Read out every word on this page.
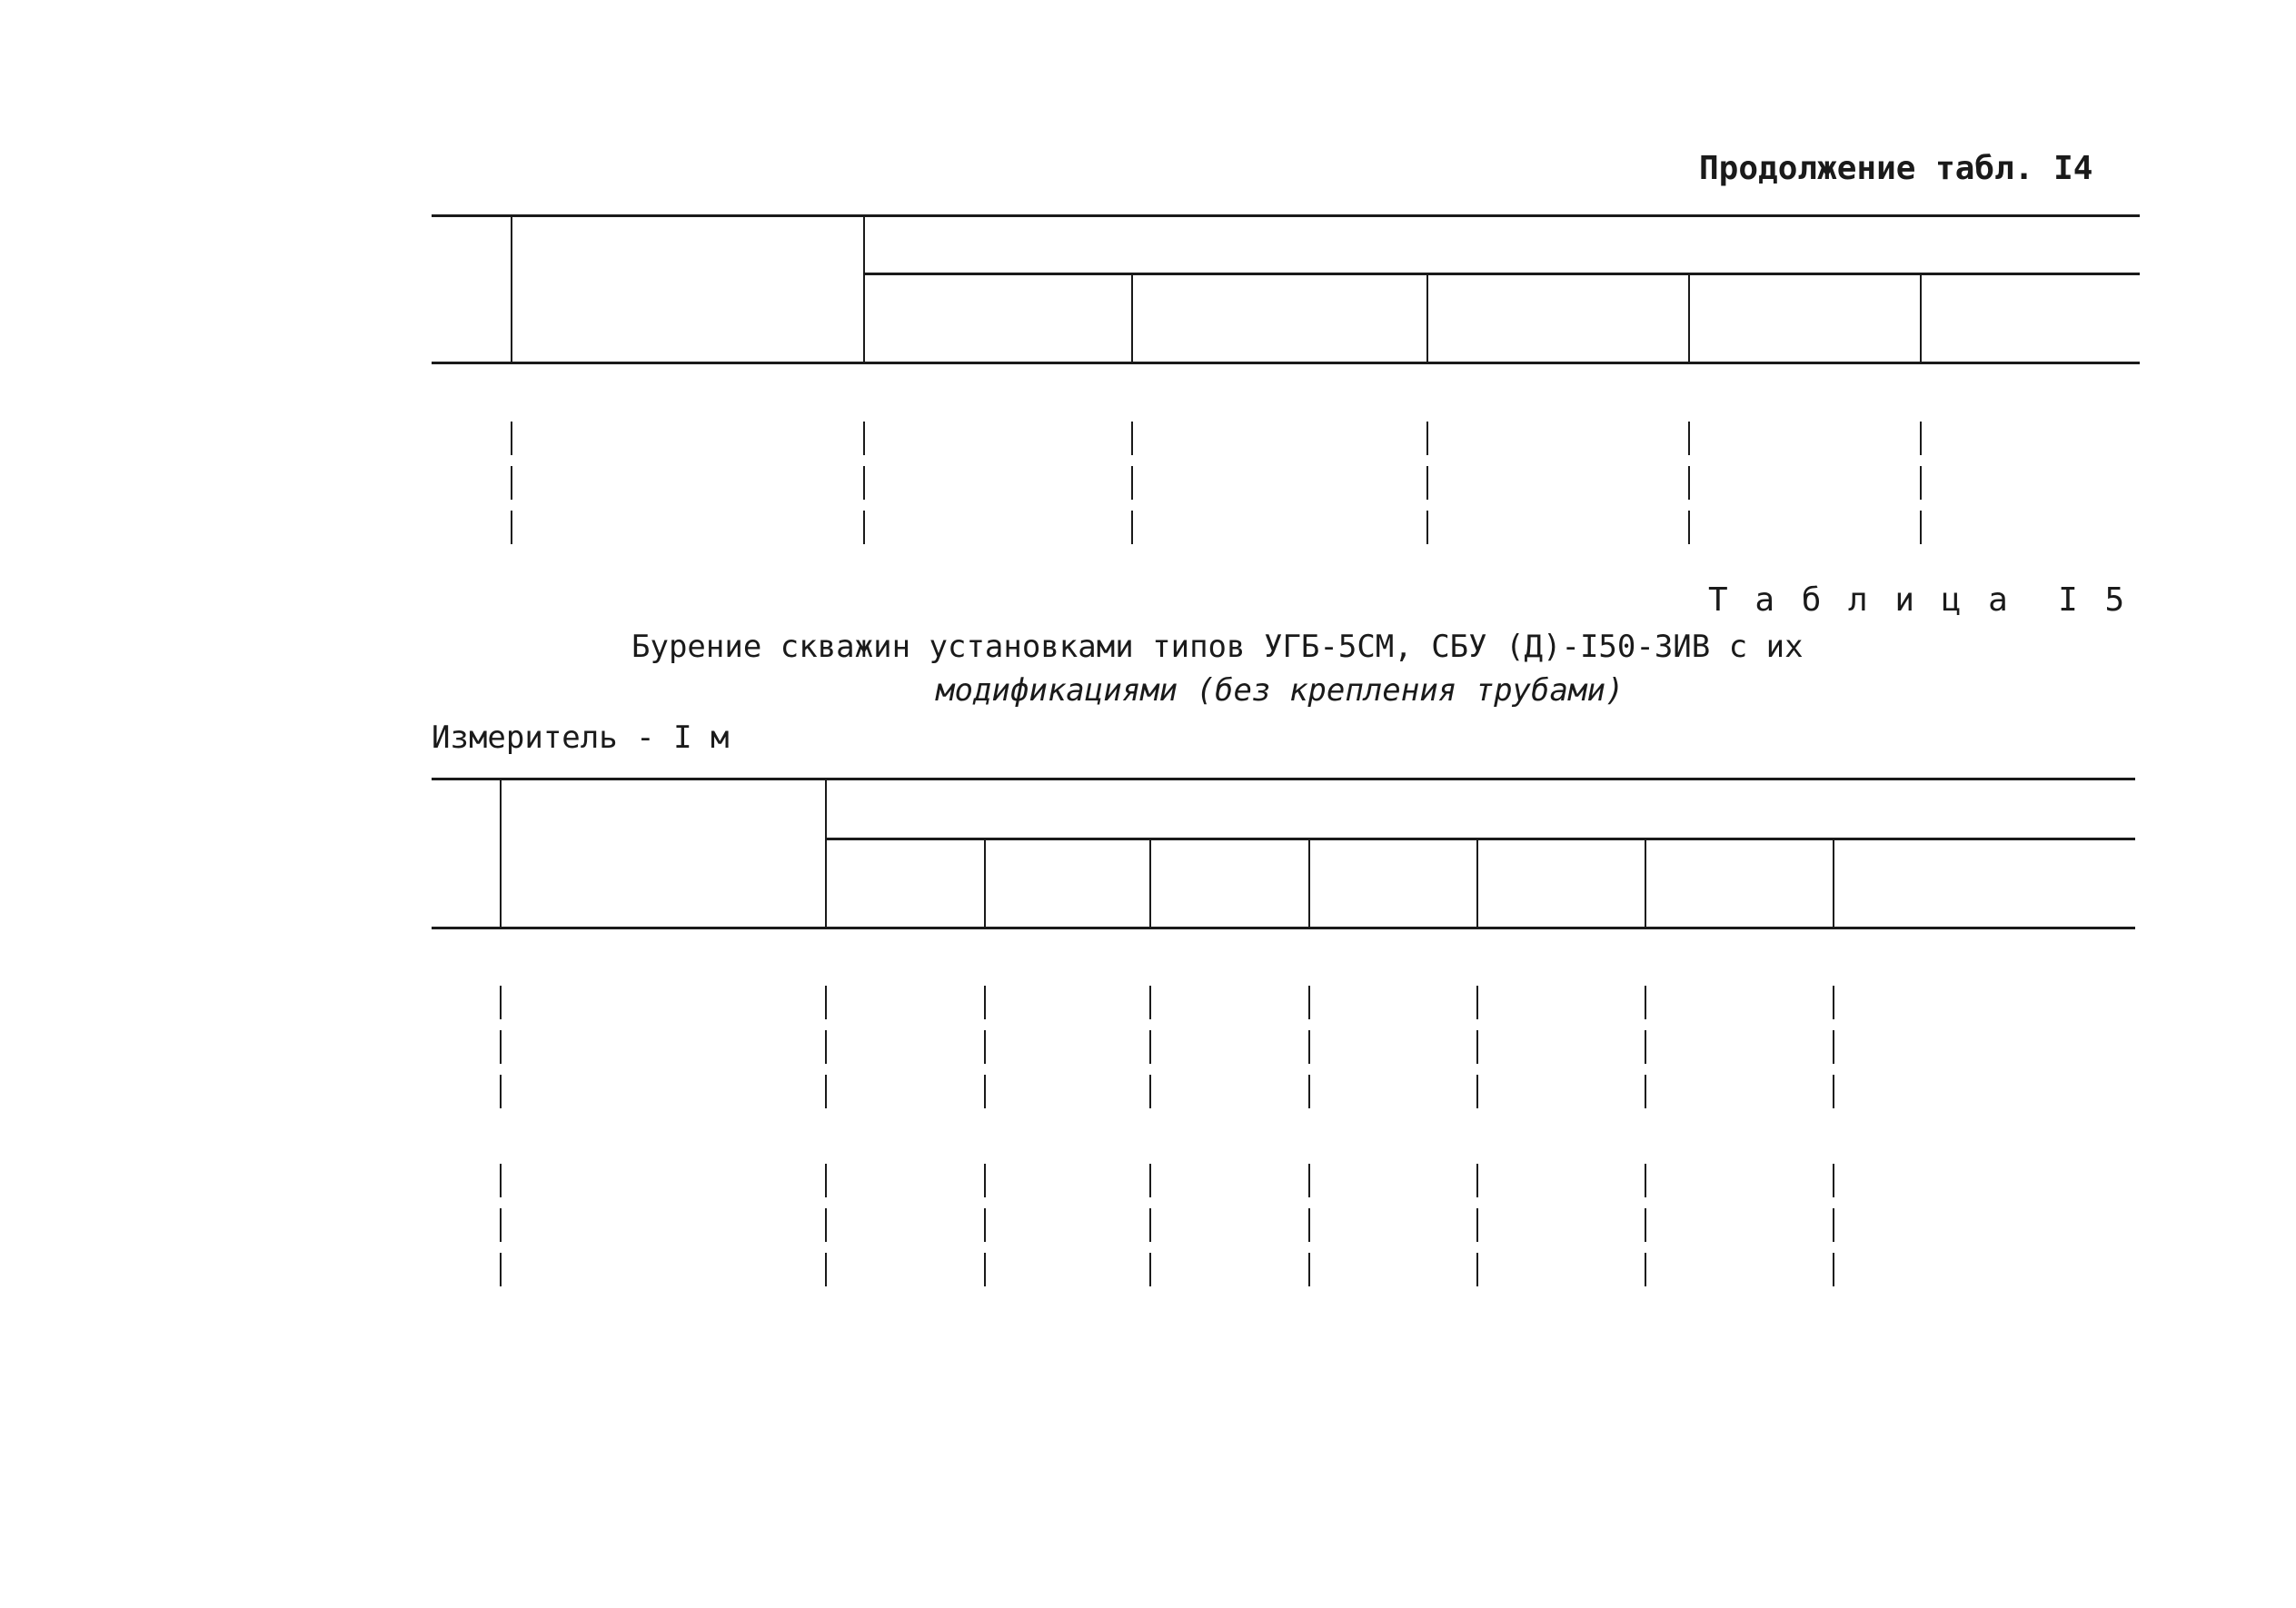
Продолжение табл. I4
Т а б л и ц а  I 5
Бурение скважин установками типов УГБ-5СМ, СБУ (Д)-I50-ЗИВ с их
модификациями (без крепления трубами)
Измеритель - I м
